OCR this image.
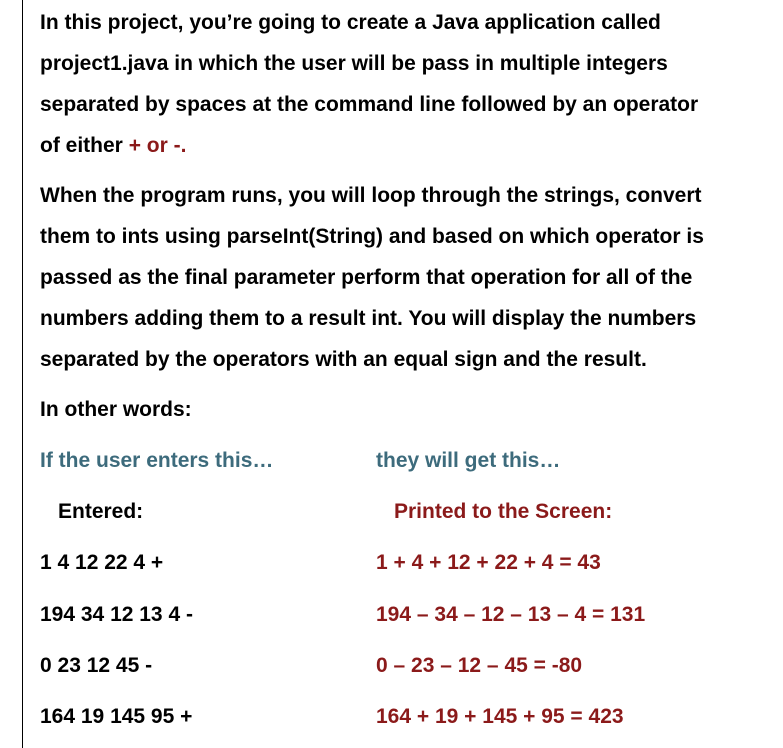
In this project, you’re going to create a Java application called
project1.java in which the user will be pass in multiple integers
separated by spaces at the command line followed by an operator
of either + or -.
When the program runs, you will loop through the strings, convert
them to ints using parseInt(String) and based on which operator is
passed as the final parameter perform that operation for all of the
numbers adding them to a result int. You will display the numbers
separated by the operators with an equal sign and the result.
In other words:
If the user enters this…	they will get this…
Entered:	Printed to the Screen:
1 4 12 22 4 +	1 + 4 + 12 + 22 + 4 = 43
194 34 12 13 4 -	194 – 34 – 12 – 13 – 4 = 131
0 23 12 45 -	0 – 23 – 12 – 45 = -80
164 19 145 95 +	164 + 19 + 145 + 95 = 423
